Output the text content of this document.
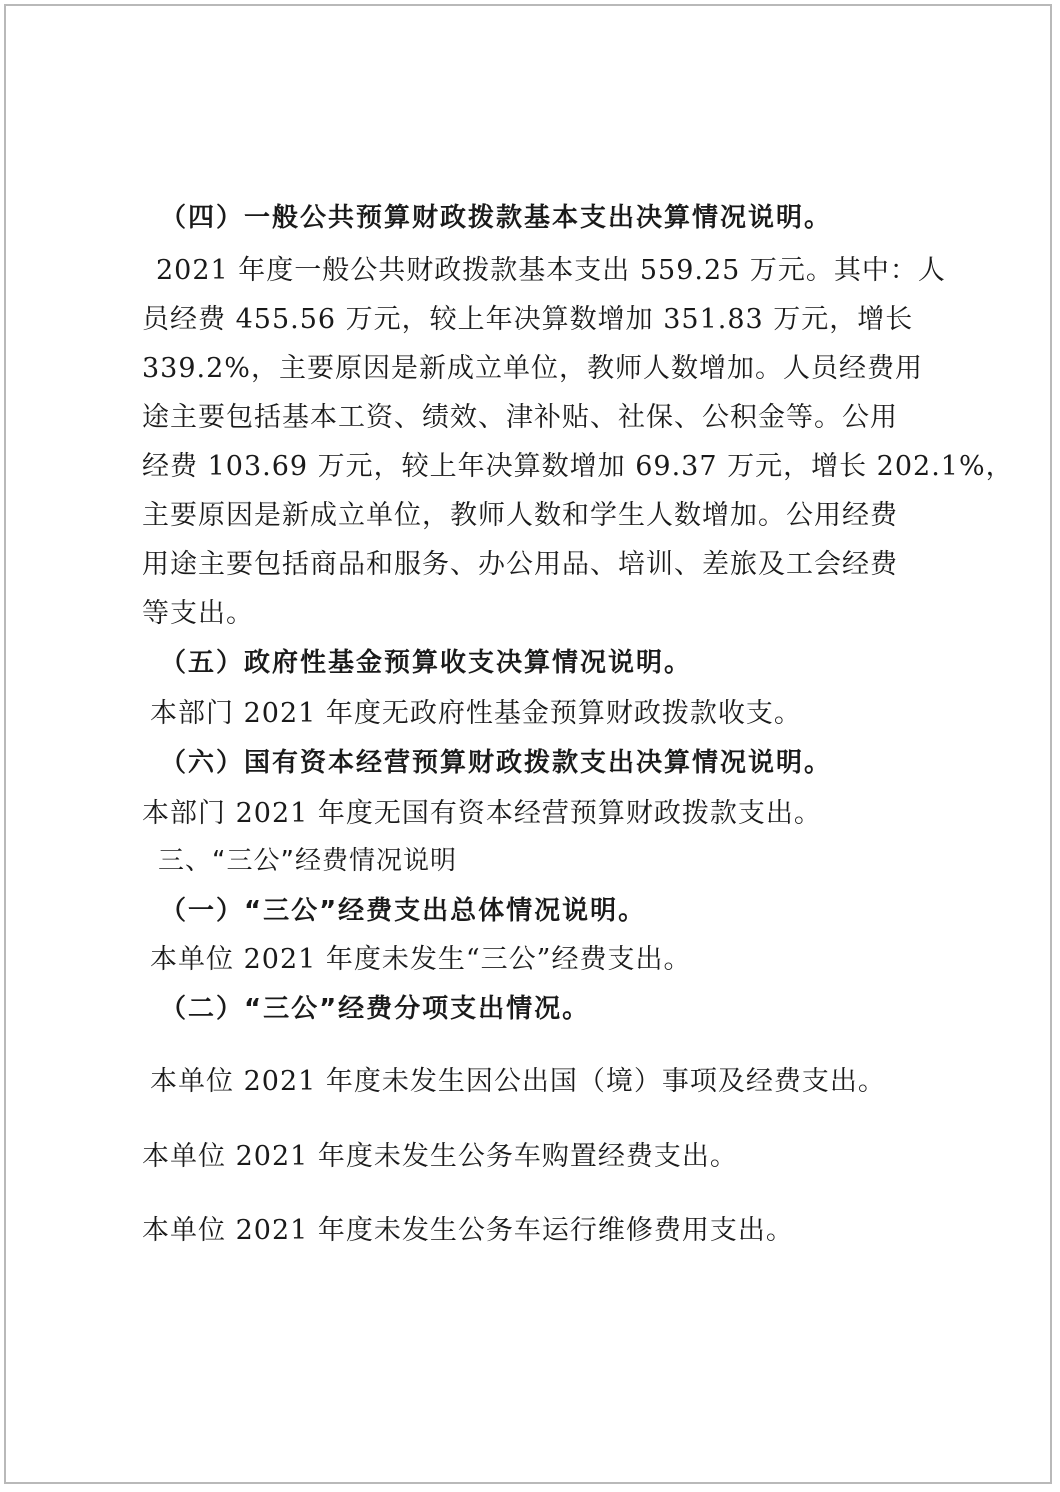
（四）一般公共预算财政拨款基本支出决算情况说明。
2021 年度一般公共财政拨款基本支出 559.25 万元。其中：人
员经费 455.56 万元，较上年决算数增加 351.83 万元，增长
339.2%，主要原因是新成立单位，教师人数增加。人员经费用
途主要包括基本工资、绩效、津补贴、社保、公积金等。公用
经费 103.69 万元，较上年决算数增加 69.37 万元，增长 202.1%，
主要原因是新成立单位，教师人数和学生人数增加。公用经费
用途主要包括商品和服务、办公用品、培训、差旅及工会经费
等支出。
（五）政府性基金预算收支决算情况说明。
本部门 2021 年度无政府性基金预算财政拨款收支。
（六）国有资本经营预算财政拨款支出决算情况说明。
本部门 2021 年度无国有资本经营预算财政拨款支出。
三、“三公”经费情况说明
（一）“三公”经费支出总体情况说明。
本单位 2021 年度未发生“三公”经费支出。
（二）“三公”经费分项支出情况。
本单位 2021 年度未发生因公出国（境）事项及经费支出。
本单位 2021 年度未发生公务车购置经费支出。
本单位 2021 年度未发生公务车运行维修费用支出。
